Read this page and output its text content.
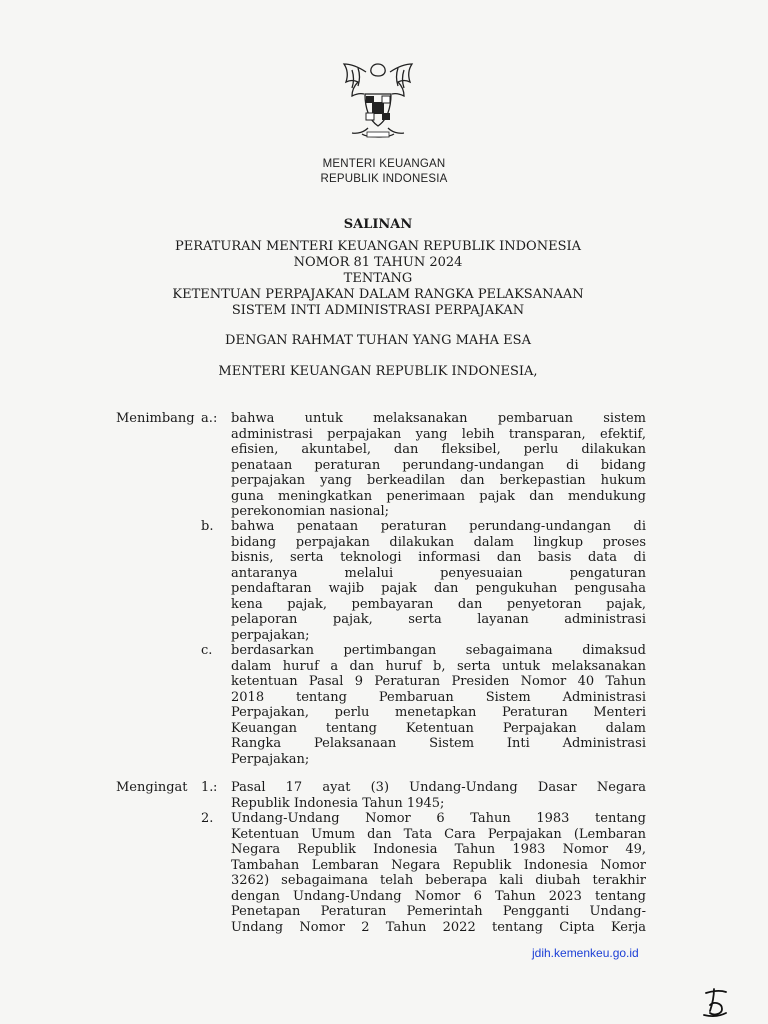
MENTERI KEUANGAN
REPUBLIK INDONESIA
SALINAN
PERATURAN MENTERI KEUANGAN REPUBLIK INDONESIA
NOMOR 81 TAHUN 2024
TENTANG
KETENTUAN PERPAJAKAN DALAM RANGKA PELAKSANAAN
SISTEM INTI ADMINISTRASI PERPAJAKAN
DENGAN RAHMAT TUHAN YANG MAHA ESA
MENTERI KEUANGAN REPUBLIK INDONESIA,
Menimbang :
a. bahwa untuk melaksanakan pembaruan sistem
administrasi perpajakan yang lebih transparan, efektif,
efisien, akuntabel, dan fleksibel, perlu dilakukan
penataan peraturan perundang-undangan di bidang
perpajakan yang berkeadilan dan berkepastian hukum
guna meningkatkan penerimaan pajak dan mendukung
perekonomian nasional;
b. bahwa penataan peraturan perundang-undangan di
bidang perpajakan dilakukan dalam lingkup proses
bisnis, serta teknologi informasi dan basis data di
antaranya melalui penyesuaian pengaturan
pendaftaran wajib pajak dan pengukuhan pengusaha
kena pajak, pembayaran dan penyetoran pajak,
pelaporan pajak, serta layanan administrasi
perpajakan;
c. berdasarkan pertimbangan sebagaimana dimaksud
dalam huruf a dan huruf b, serta untuk melaksanakan
ketentuan Pasal 9 Peraturan Presiden Nomor 40 Tahun
2018 tentang Pembaruan Sistem Administrasi
Perpajakan, perlu menetapkan Peraturan Menteri
Keuangan tentang Ketentuan Perpajakan dalam
Rangka Pelaksanaan Sistem Inti Administrasi
Perpajakan;
Mengingat :
1. Pasal 17 ayat (3) Undang-Undang Dasar Negara
Republik Indonesia Tahun 1945;
2. Undang-Undang Nomor 6 Tahun 1983 tentang
Ketentuan Umum dan Tata Cara Perpajakan (Lembaran
Negara Republik Indonesia Tahun 1983 Nomor 49,
Tambahan Lembaran Negara Republik Indonesia Nomor
3262) sebagaimana telah beberapa kali diubah terakhir
dengan Undang-Undang Nomor 6 Tahun 2023 tentang
Penetapan Peraturan Pemerintah Pengganti Undang-
Undang Nomor 2 Tahun 2022 tentang Cipta Kerja
jdih.kemenkeu.go.id
